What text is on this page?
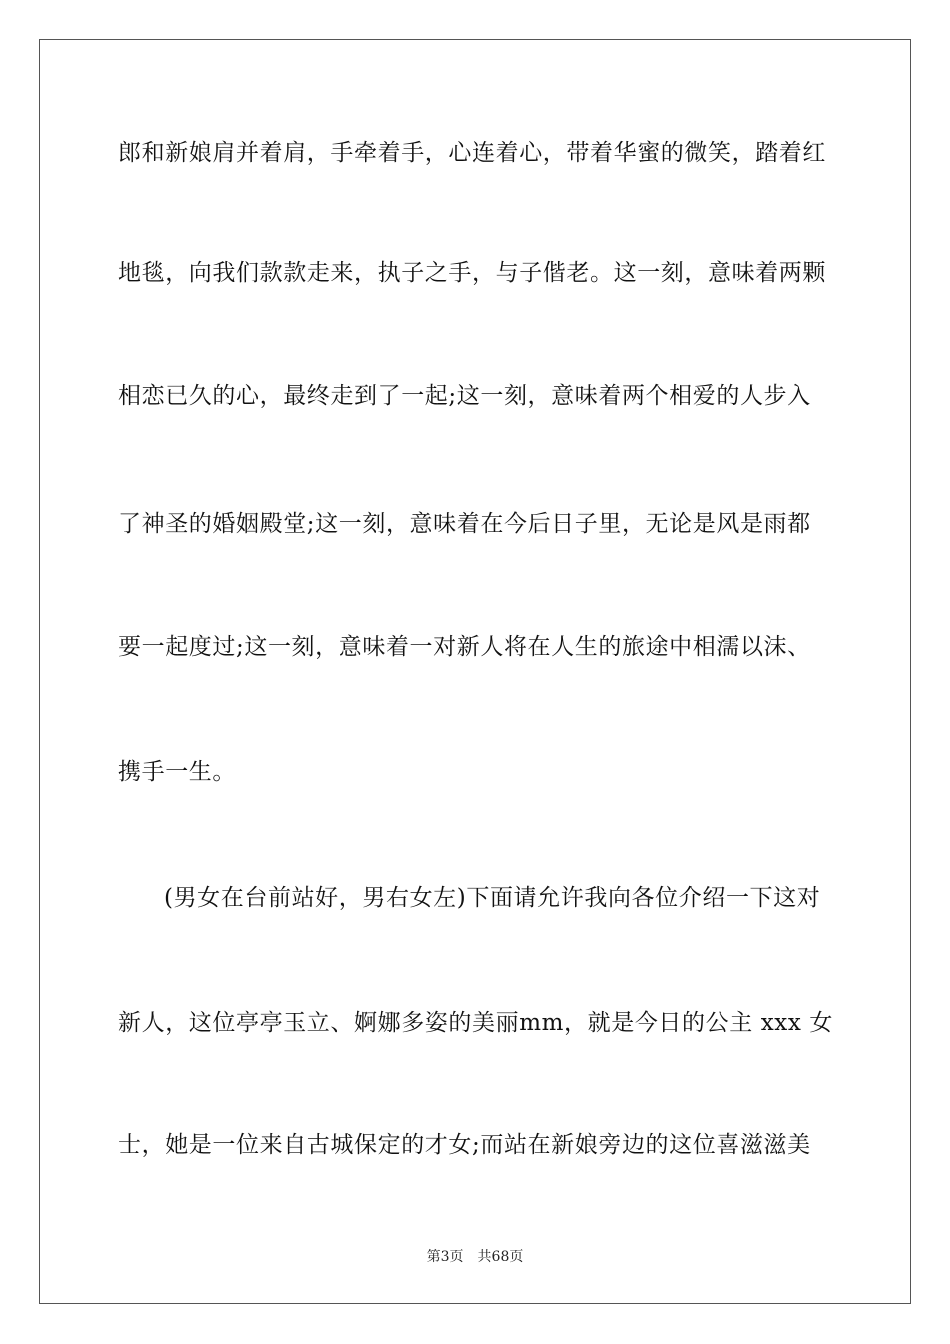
郎和新娘肩并着肩，手牵着手，心连着心，带着华蜜的微笑，踏着红
地毯，向我们款款走来，执子之手，与子偕老。这一刻，意味着两颗
相恋已久的心，最终走到了一起;这一刻，意味着两个相爱的人步入
了神圣的婚姻殿堂;这一刻，意味着在今后日子里，无论是风是雨都
要一起度过;这一刻，意味着一对新人将在人生的旅途中相濡以沫、
携手一生。
(男女在台前站好，男右女左)下面请允许我向各位介绍一下这对
新人，这位亭亭玉立、婀娜多姿的美丽mm，就是今日的公主 xxx 女
士，她是一位来自古城保定的才女;而站在新娘旁边的这位喜滋滋美
第3页　共68页
